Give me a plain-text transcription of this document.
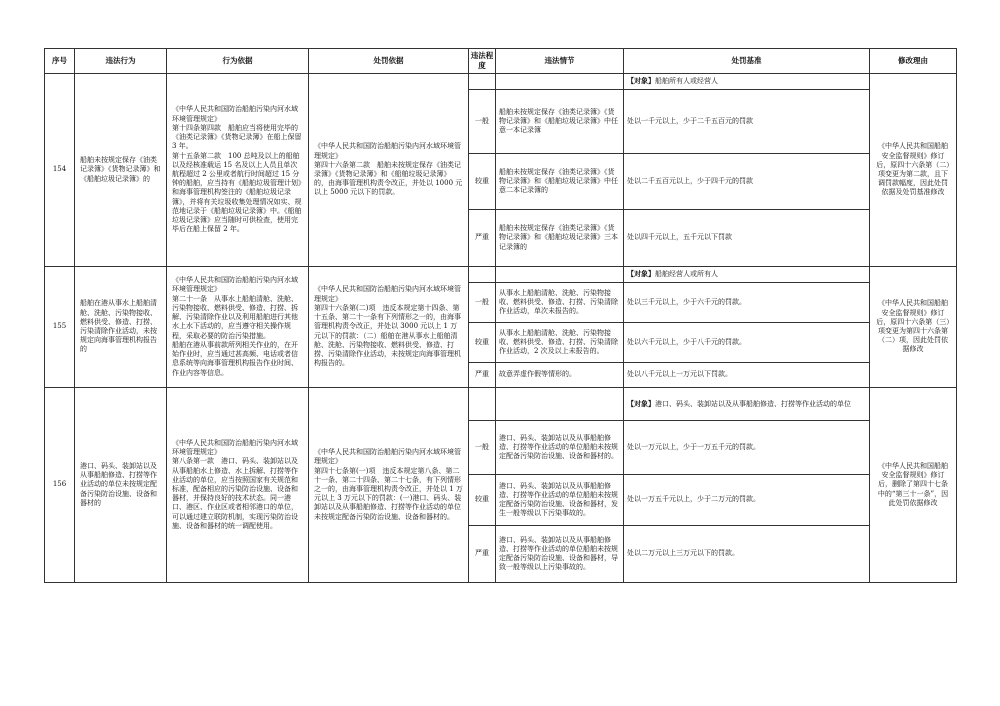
序号	违法行为	行为依据	处罚依据	违法程度	违法情节	处罚基准	修改理由
154	船舶未按规定保存《油类记录簿》《货物记录簿》和《船舶垃圾记录簿》的	《中华人民共和国防治船舶污染内河水域环境管理规定》
第十四条第四款　船舶应当将使用完毕的《油类记录簿》《货物记录簿》在船上保留 3 年。
第十五条第二款　100 总吨及以上的船舶以及经核准载运 15 名及以上人员且单次航程超过 2 公里或者航行时间超过 15 分钟的船舶，应当持有《船舶垃圾管理计划》和海事管理机构签注的《船舶垃圾记录簿》，并将有关垃圾收集处理情况如实、规范地记录于《船舶垃圾记录簿》中。《船舶垃圾记录簿》应当随时可供检查，使用完毕后在船上保留 2 年。	《中华人民共和国防治船舶污染内河水域环境管理规定》
第四十六条第二款　船舶未按规定保存《油类记录簿》《货物记录簿》和《船舶垃圾记录簿》的，由海事管理机构责令改正，并处以 1000 元以上 5000 元以下的罚款。			【对象】船舶所有人或经营人	《中华人民共和国船舶安全监督规则》修订后，原四十六条第（二）项变更为第二款，且下调罚款幅度，因此处罚依据及处罚基准修改
				一般	船舶未按规定保存《油类记录簿》《货物记录簿》和《船舶垃圾记录簿》中任意一本记录簿	处以一千元以上，少于二千五百元的罚款	
				较重	船舶未按规定保存《油类记录簿》《货物记录簿》和《船舶垃圾记录簿》中任意二本记录簿的	处以二千五百元以上，少于四千元的罚款	
				严重	船舶未按规定保存《油类记录簿》《货物记录簿》和《船舶垃圾记录簿》三本记录簿的	处以四千元以上，五千元以下罚款	
155	船舶在港从事水上船舶清舱、洗舱、污染物接收、燃料供受、修造、打捞、污染清除作业活动，未按规定向海事管理机构报告的	《中华人民共和国防治船舶污染内河水域环境管理规定》
第二十一条　从事水上船舶清舱、洗舱、污染物接收、燃料供受、修造、打捞、拆解、污染清除作业以及利用船舶进行其他水上水下活动的，应当遵守相关操作规程，采取必要的防治污染措施。
船舶在港从事前款所列相关作业的，在开始作业时，应当通过甚高频、电话或者信息系统等向海事管理机构报告作业时间、作业内容等信息。	《中华人民共和国防治船舶污染内河水域环境管理规定》
第四十六条第(二)项　违反本规定第十四条、第十五条、第二十一条有下列情形之一的，由海事管理机构责令改正，并处以 3000 元以上 1 万元以下的罚款：（二）船舶在港从事水上船舶清舱、洗舱、污染物接收、燃料供受、修造、打捞、污染清除作业活动，未按规定向海事管理机构报告的。			【对象】船舶经营人或所有人	《中华人民共和国船舶安全监督规则》修订后，原四十六条第（三）项变更为第四十六条第（二）项，因此处罚依据修改
				一般	从事水上船舶清舱、洗舱、污染物接收、燃料供受、修造、打捞、污染清除作业活动，单次未报告的。	处以三千元以上，少于六千元的罚款。	
				较重	从事水上船舶清舱、洗舱、污染物接收、燃料供受、修造、打捞、污染清除作业活动，2 次及以上未报告的。	处以六千元以上，少于八千元的罚款。	
				严重	故意弄虚作假等情形的。	处以八千元以上一万元以下罚款。	
156	港口、码头、装卸站以及从事船舶修造、打捞等作业活动的单位未按规定配备污染防治设施、设备和器材的	《中华人民共和国防治船舶污染内河水域环境管理规定》
第八条第一款　港口、码头、装卸站以及从事船舶水上修造、水上拆解、打捞等作业活动的单位，应当按照国家有关规范和标准，配备相应的污染防治设施、设备和器材，并保持良好的技术状态。同一港口、港区、作业区或者相邻港口的单位，可以通过建立联防机制，实现污染防治设施、设备和器材的统一调配使用。	《中华人民共和国防治船舶污染内河水域环境管理规定》
第四十七条第(一)项　违反本规定第八条、第二十一条、第二十四条、第二十七条，有下列情形之一的，由海事管理机构责令改正，并处以 1 万元以上 3 万元以下的罚款：(一)港口、码头、装卸站以及从事船舶修造、打捞等作业活动的单位未按规定配备污染防治设施、设备和器材的。			【对象】港口、码头、装卸站以及从事船舶修造、打捞等作业活动的单位	《中华人民共和国船舶安全监督规则》修订后，删除了第四十七条中的“第三十一条”，因此处罚依据修改
				一般	港口、码头、装卸站以及从事船舶修造、打捞等作业活动的单位船舶未按规定配备污染防治设施、设备和器材的。	处以一万元以上，少于一万五千元的罚款。	
				较重	港口、码头、装卸站以及从事船舶修造、打捞等作业活动的单位船舶未按规定配备污染防治设施、设备和器材，发生一般等级以下污染事故的。	处以一万五千元以上，少于二万元的罚款。	
				严重	港口、码头、装卸站以及从事船舶修造、打捞等作业活动的单位船舶未按规定配备污染防治设施、设备和器材，导致一般等级以上污染事故的。	处以二万元以上三万元以下的罚款。	
